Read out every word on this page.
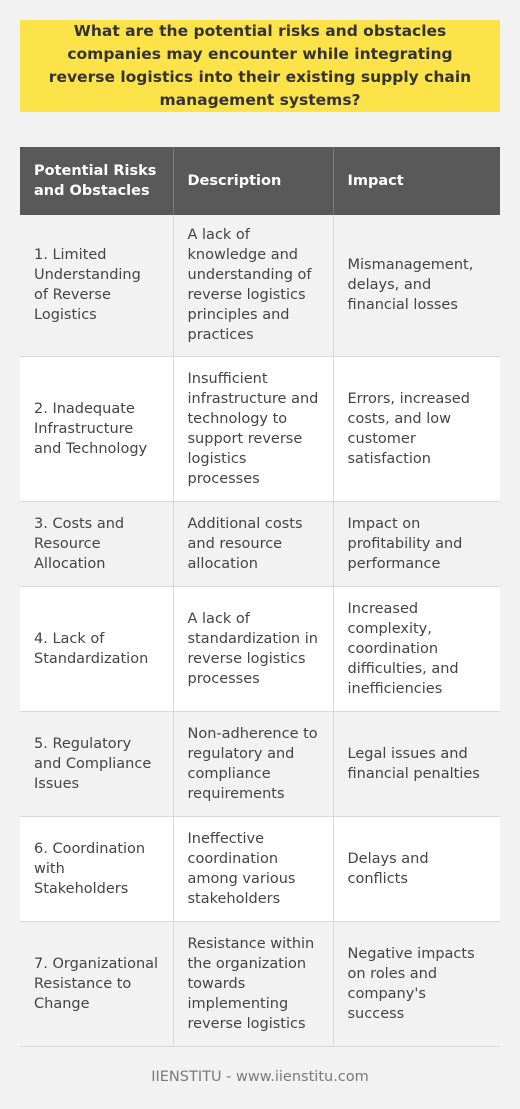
What are the potential risks and obstacles companies may encounter while integrating reverse logistics into their existing supply chain management systems?
Potential Risks and Obstacles	Description	Impact
1. Limited Understanding of Reverse Logistics	A lack of knowledge and understanding of reverse logistics principles and practices	Mismanagement, delays, and financial losses
2. Inadequate Infrastructure and Technology	Insufficient infrastructure and technology to support reverse logistics processes	Errors, increased costs, and low customer satisfaction
3. Costs and Resource Allocation	Additional costs and resource allocation	Impact on profitability and performance
4. Lack of Standardization	A lack of standardization in reverse logistics processes	Increased complexity, coordination difficulties, and inefficiencies
5. Regulatory and Compliance Issues	Non-adherence to regulatory and compliance requirements	Legal issues and financial penalties
6. Coordination with Stakeholders	Ineffective coordination among various stakeholders	Delays and conflicts
7. Organizational Resistance to Change	Resistance within the organization towards implementing reverse logistics	Negative impacts on roles and company's success
IIENSTITU - www.iienstitu.com
